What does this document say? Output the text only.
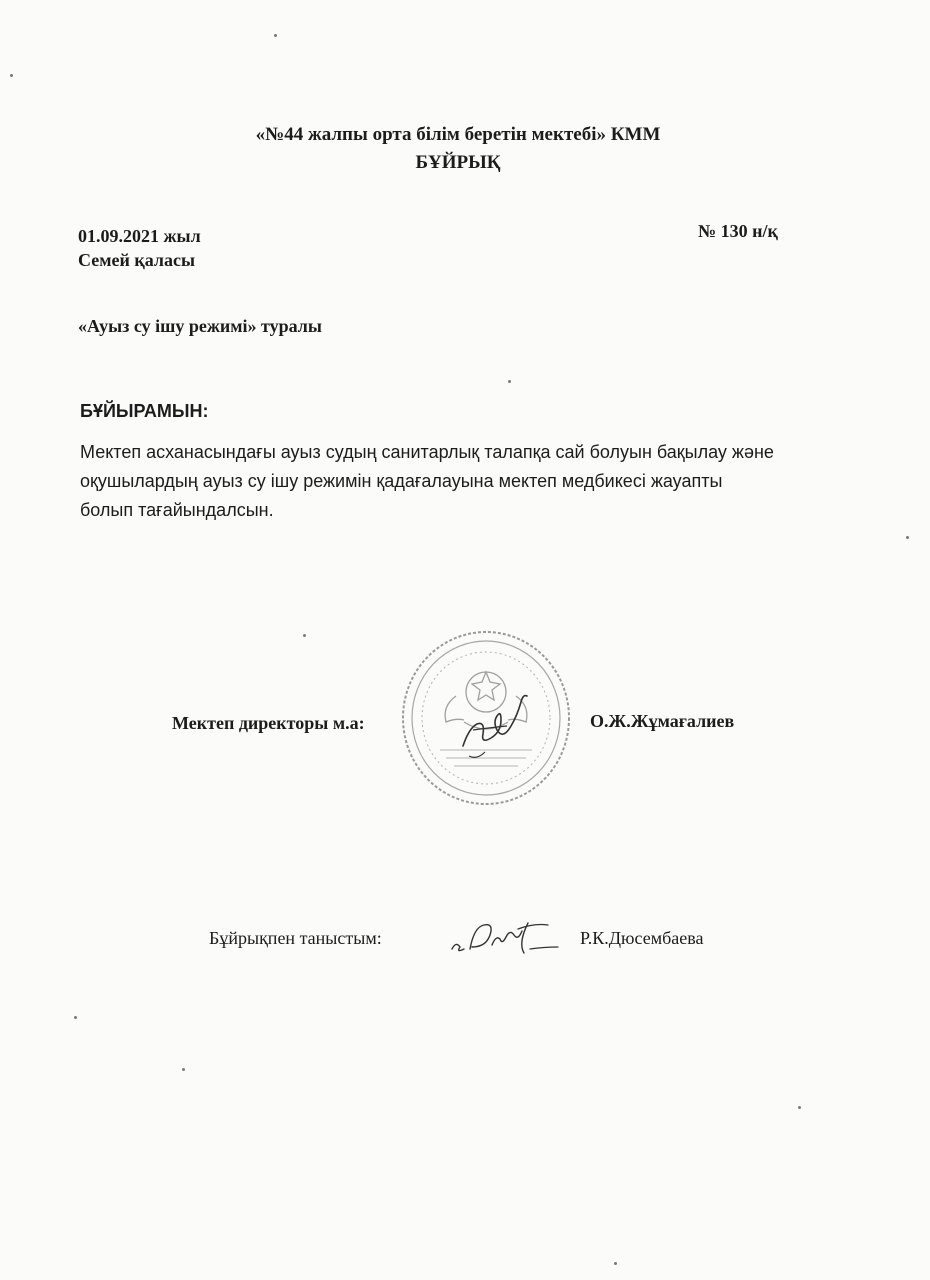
«№44 жалпы орта білім беретін мектебі» КММ
БҰЙРЫҚ
01.09.2021 жыл
Семей қаласы
№ 130 н/қ
«Ауыз су ішу режимі» туралы
БҰЙЫРАМЫН:
Мектеп асханасындағы ауыз судың санитарлық талапқа сай болуын бақылау және
оқушылардың ауыз су ішу режимін қадағалауына мектеп медбикесі жауапты
болып тағайындалсын.
Мектеп директоры м.а:	О.Ж.Жұмағалиев
Бұйрықпен таныстым:	Р.К.Дюсембаева
